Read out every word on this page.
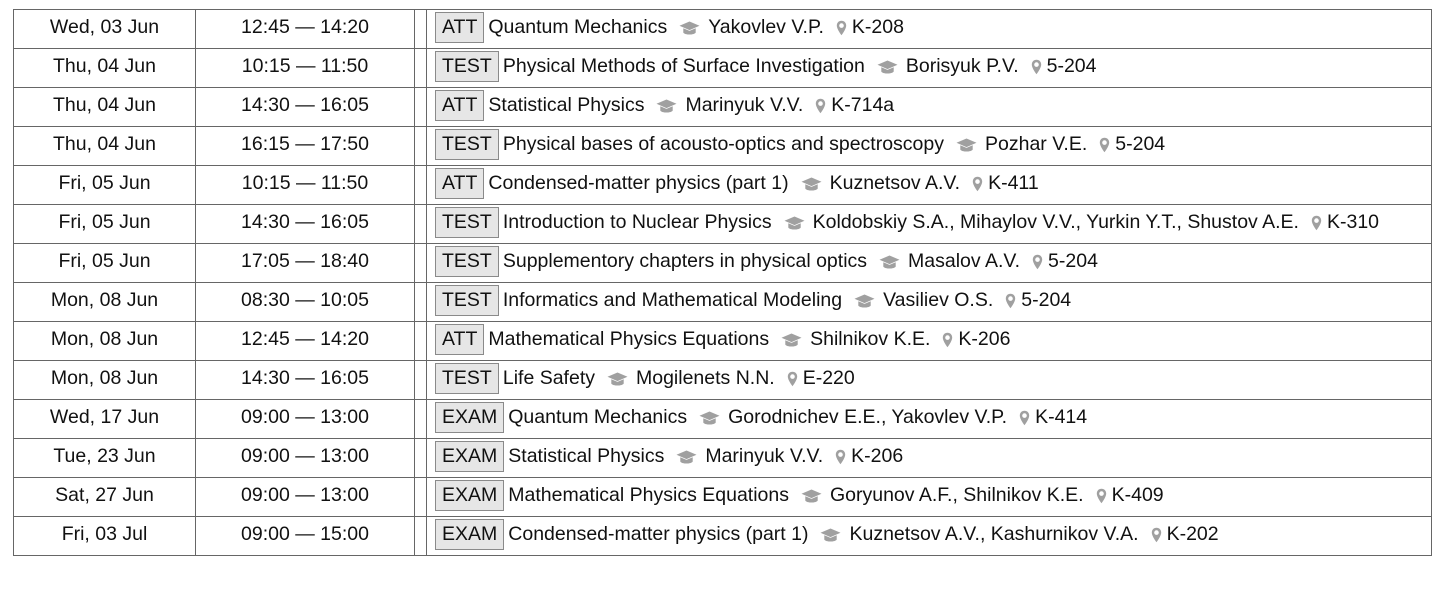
Wed, 03 Jun	12:45 — 14:20		ATT Quantum Mechanics Yakovlev V.P. K-208
Thu, 04 Jun	10:15 — 11:50		TEST Physical Methods of Surface Investigation Borisyuk P.V. 5-204
Thu, 04 Jun	14:30 — 16:05		ATT Statistical Physics Marinyuk V.V. K-714a
Thu, 04 Jun	16:15 — 17:50		TEST Physical bases of acousto-optics and spectroscopy Pozhar V.E. 5-204
Fri, 05 Jun	10:15 — 11:50		ATT Condensed-matter physics (part 1) Kuznetsov A.V. K-411
Fri, 05 Jun	14:30 — 16:05		TEST Introduction to Nuclear Physics Koldobskiy S.A., Mihaylov V.V., Yurkin Y.T., Shustov A.E. K-310
Fri, 05 Jun	17:05 — 18:40		TEST Supplementory chapters in physical optics Masalov A.V. 5-204
Mon, 08 Jun	08:30 — 10:05		TEST Informatics and Mathematical Modeling Vasiliev O.S. 5-204
Mon, 08 Jun	12:45 — 14:20		ATT Mathematical Physics Equations Shilnikov K.E. K-206
Mon, 08 Jun	14:30 — 16:05		TEST Life Safety Mogilenets N.N. E-220
Wed, 17 Jun	09:00 — 13:00		EXAM Quantum Mechanics Gorodnichev E.E., Yakovlev V.P. K-414
Tue, 23 Jun	09:00 — 13:00		EXAM Statistical Physics Marinyuk V.V. K-206
Sat, 27 Jun	09:00 — 13:00		EXAM Mathematical Physics Equations Goryunov A.F., Shilnikov K.E. K-409
Fri, 03 Jul	09:00 — 15:00		EXAM Condensed-matter physics (part 1) Kuznetsov A.V., Kashurnikov V.A. K-202
